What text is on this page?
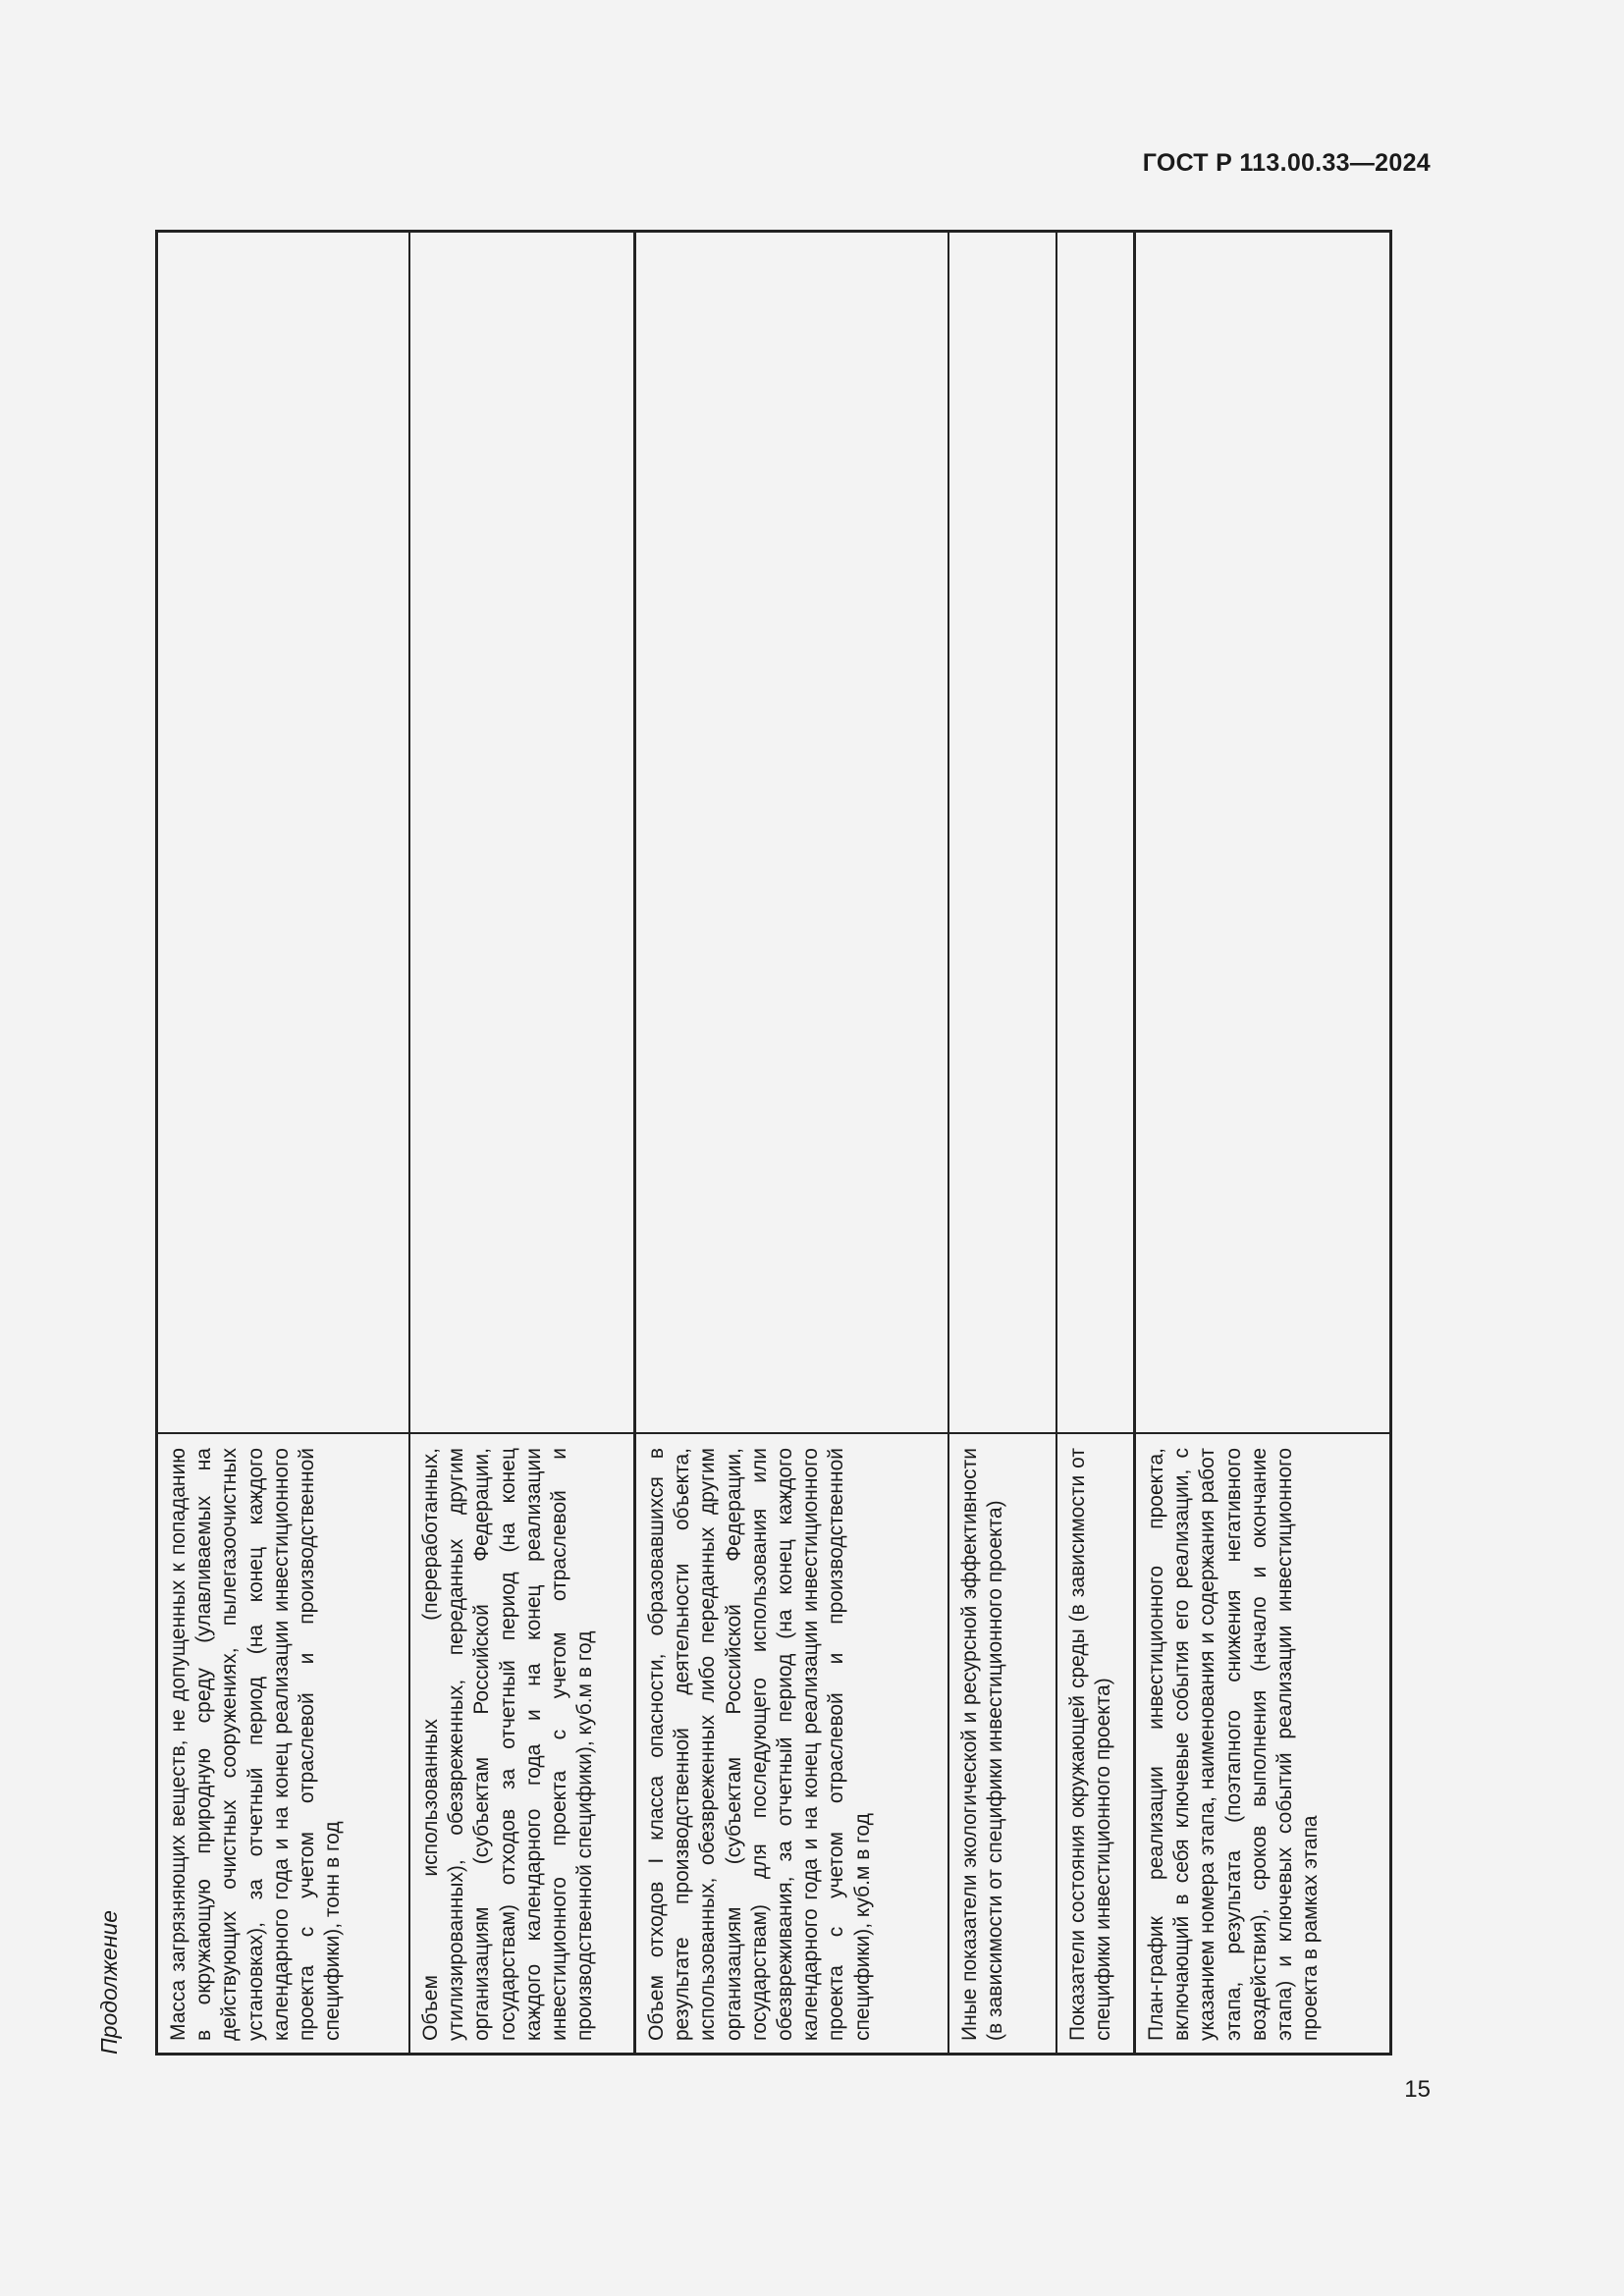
ГОСТ Р 113.00.33—2024
Продолжение	Масса загрязняющих веществ, не допущенных к попаданию в окружающую природную среду (улавливаемых на действующих очистных сооружениях, пылегазоочистных установках), за отчетный период (на конец каждого календарного года и на конец реализации инвестиционного проекта с учетом отраслевой и производственной специфики), тонн в год	Объем использованных (переработанных, утилизированных), обезвреженных, переданных другим организациям (субъектам Российской Федерации, государствам) отходов за отчетный период (на конец каждого календарного года и на конец реализации инвестиционного проекта с учетом отраслевой и производственной специфики), куб.м в год	Объем отходов I класса опасности, образовавшихся в результате производственной деятельности объекта, использованных, обезвреженных либо переданных другим организациям (субъектам Российской Федерации, государствам) для последующего использования или обезвреживания, за отчетный период (на конец каждого календарного года и на конец реализации инвестиционного проекта с учетом отраслевой и производственной специфики), куб.м в год	Иные показатели экологической и ресурсной эффективности (в зависимости от специфики инвестиционного проекта)	Показатели состояния окружающей среды (в зависимости от специфики инвестиционного проекта)	План-график реализации инвестиционного проекта, включающий в себя ключевые события его реализации, с указанием номера этапа, наименования и содержания работ этапа, результата (поэтапного снижения негативного воздействия), сроков выполнения (начало и окончание этапа) и ключевых событий реализации инвестиционного проекта в рамках этапа
15
